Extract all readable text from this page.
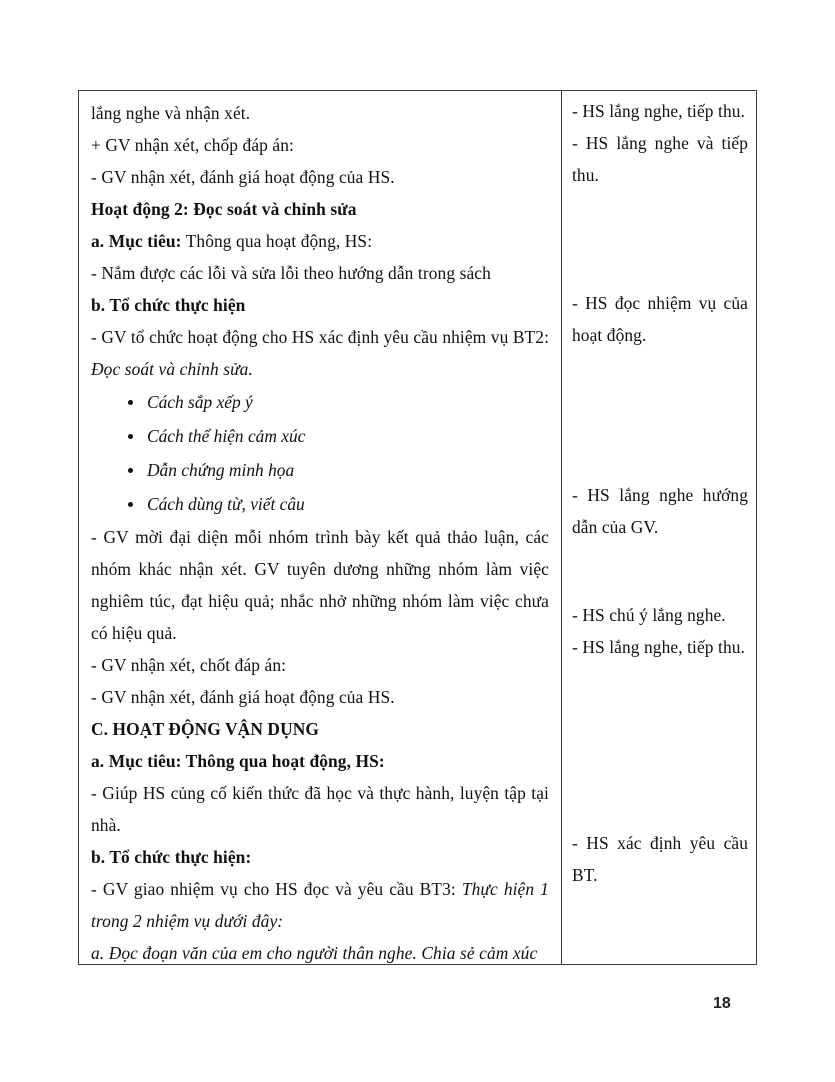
lắng nghe và nhận xét.

+ GV nhận xét, chốp đáp án:

- GV nhận xét, đánh giá hoạt động của HS.

Hoạt động 2: Đọc soát và chỉnh sửa

a. Mục tiêu: Thông qua hoạt động, HS:

- Nắm được các lỗi và sửa lỗi theo hướng dẫn trong sách

b. Tổ chức thực hiện

- GV tổ chức hoạt động cho HS xác định yêu cầu nhiệm vụ BT2: Đọc soát và chỉnh sửa.

Cách sắp xếp ý
Cách thể hiện cảm xúc
Dẫn chứng minh họa
Cách dùng từ, viết câu

- GV mời đại diện mỗi nhóm trình bày kết quả thảo luận, các nhóm khác nhận xét. GV tuyên dương những nhóm làm việc nghiêm túc, đạt hiệu quả; nhắc nhở những nhóm làm việc chưa có hiệu quả.

- GV nhận xét, chốt đáp án:

- GV nhận xét, đánh giá hoạt động của HS.

C. HOẠT ĐỘNG VẬN DỤNG

a. Mục tiêu: Thông qua hoạt động, HS:

- Giúp HS củng cố kiến thức đã học và thực hành, luyện tập tại nhà.

b. Tổ chức thực hiện:

- GV giao nhiệm vụ cho HS đọc và yêu cầu BT3: Thực hiện 1 trong 2 nhiệm vụ dưới đây:

a. Đọc đoạn văn của em cho người thân nghe. Chia sẻ cảm xúc

- HS lắng nghe, tiếp thu.

- HS lắng nghe và tiếp thu.

- HS đọc nhiệm vụ của hoạt động.

- HS lắng nghe hướng dẫn của GV.

- HS chú ý lắng nghe.

- HS lắng nghe, tiếp thu.

- HS xác định yêu cầu BT.

18
